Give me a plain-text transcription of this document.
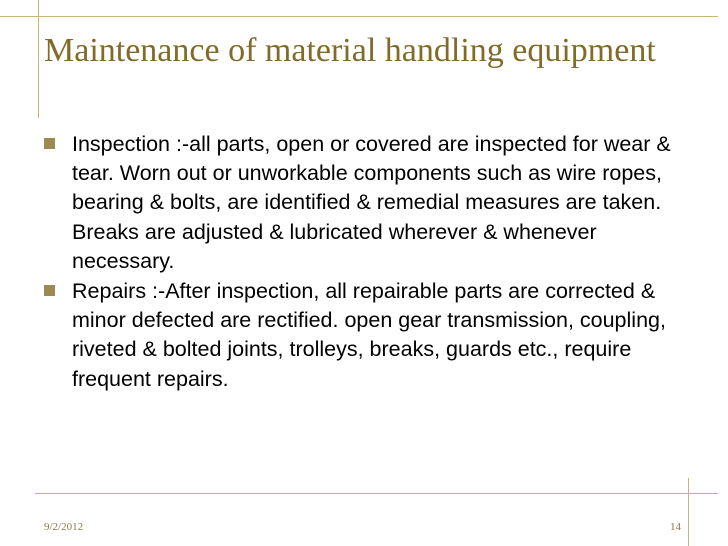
Maintenance of material handling equipment
Inspection :-all parts, open or covered are inspected for wear & tear. Worn out or unworkable components such as wire ropes, bearing & bolts, are identified & remedial measures are taken. Breaks are adjusted & lubricated wherever & whenever necessary.
Repairs :-After inspection, all repairable parts are corrected & minor defected are rectified. open gear transmission, coupling, riveted & bolted joints, trolleys, breaks, guards etc., require frequent repairs.
9/2/2012	14
